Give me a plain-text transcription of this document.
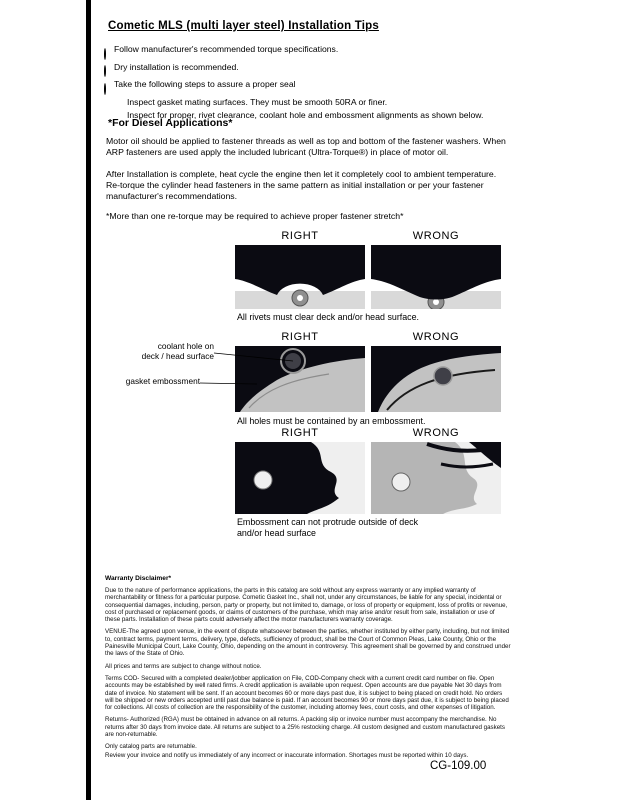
Cometic MLS (multi layer steel) Installation Tips
Follow manufacturer's recommended torque specifications.
Dry installation is recommended.
Take the following steps to assure a proper seal
Inspect gasket mating surfaces. They must be smooth 50RA or finer.
Inspect for proper, rivet clearance, coolant hole and embossment alignments as shown below.
*For Diesel Applications*

Motor oil should be applied to fastener threads as well as top and bottom of the fastener washers. When ARP fasteners are used apply the included lubricant (Ultra-Torque®) in place of motor oil.

After Installation is complete, heat cycle the engine then let it completely cool to ambient temperature. Re-torque the cylinder head fasteners in the same pattern as initial installation or per your fastener manufacturer's recommendations.

*More than one re-torque may be required to achieve proper fastener stretch*

RIGHT	WRONG
All rivets must clear deck and/or head surface.
RIGHT	WRONG
All holes must be contained by an embossment.
coolant hole on
deck / head surface
gasket embossment
RIGHT	WRONG
Embossment can not protrude outside of deck and/or head surface
Warranty Disclaimer*

Due to the nature of performance applications, the parts in this catalog are sold without any express warranty or any implied warranty of merchantability or fitness for a particular purpose. Cometic Gasket Inc., shall not, under any circumstances, be liable for any special, incidental or consequential damages, including, person, party or property, but not limited to, damage, or loss of property or equipment, loss of profits or revenue, cost of purchased or replacement goods, or claims of customers of the purchase, which may arise and/or result from sale, installation or use of these parts. Installation of these parts could adversely affect the motor manufacturers warranty coverage.

VENUE-The agreed upon venue, in the event of dispute whatsoever between the parties, whether instituted by either party, including, but not limited to, contract terms, payment terms, delivery, type, defects, sufficiency of product, shall be the Court of Common Pleas, Lake County, Ohio or the Painesville Municipal Court, Lake County, Ohio, depending on the amount in controversy. This agreement shall be governed by and construed under the laws of the State of Ohio.

All prices and terms are subject to change without notice.

Terms COD- Secured with a completed dealer/jobber application on File, COD-Company check with a current credit card number on file. Open accounts may be established by well rated firms. A credit application is available upon request. Open accounts are due payable Net 30 days from date of invoice. No statement will be sent. If an account becomes 60 or more days past due, it is subject to being placed on credit hold. No orders will be shipped or new orders accepted until past due balance is paid. If an account becomes 90 or more days past due, it is subject to being placed for collections. All costs of collection are the responsibility of the customer, including attorney fees, court costs, and other expenses of litigation.

Returns- Authorized (RGA) must be obtained in advance on all returns. A packing slip or invoice number must accompany the merchandise. No returns after 30 days from invoice date. All returns are subject to a 25% restocking charge. All custom designed and custom manufactured gaskets are non-returnable.

Only catalog parts are returnable.

Review your invoice and notify us immediately of any incorrect or inaccurate information. Shortages must be reported within 10 days.

CG-109.00
